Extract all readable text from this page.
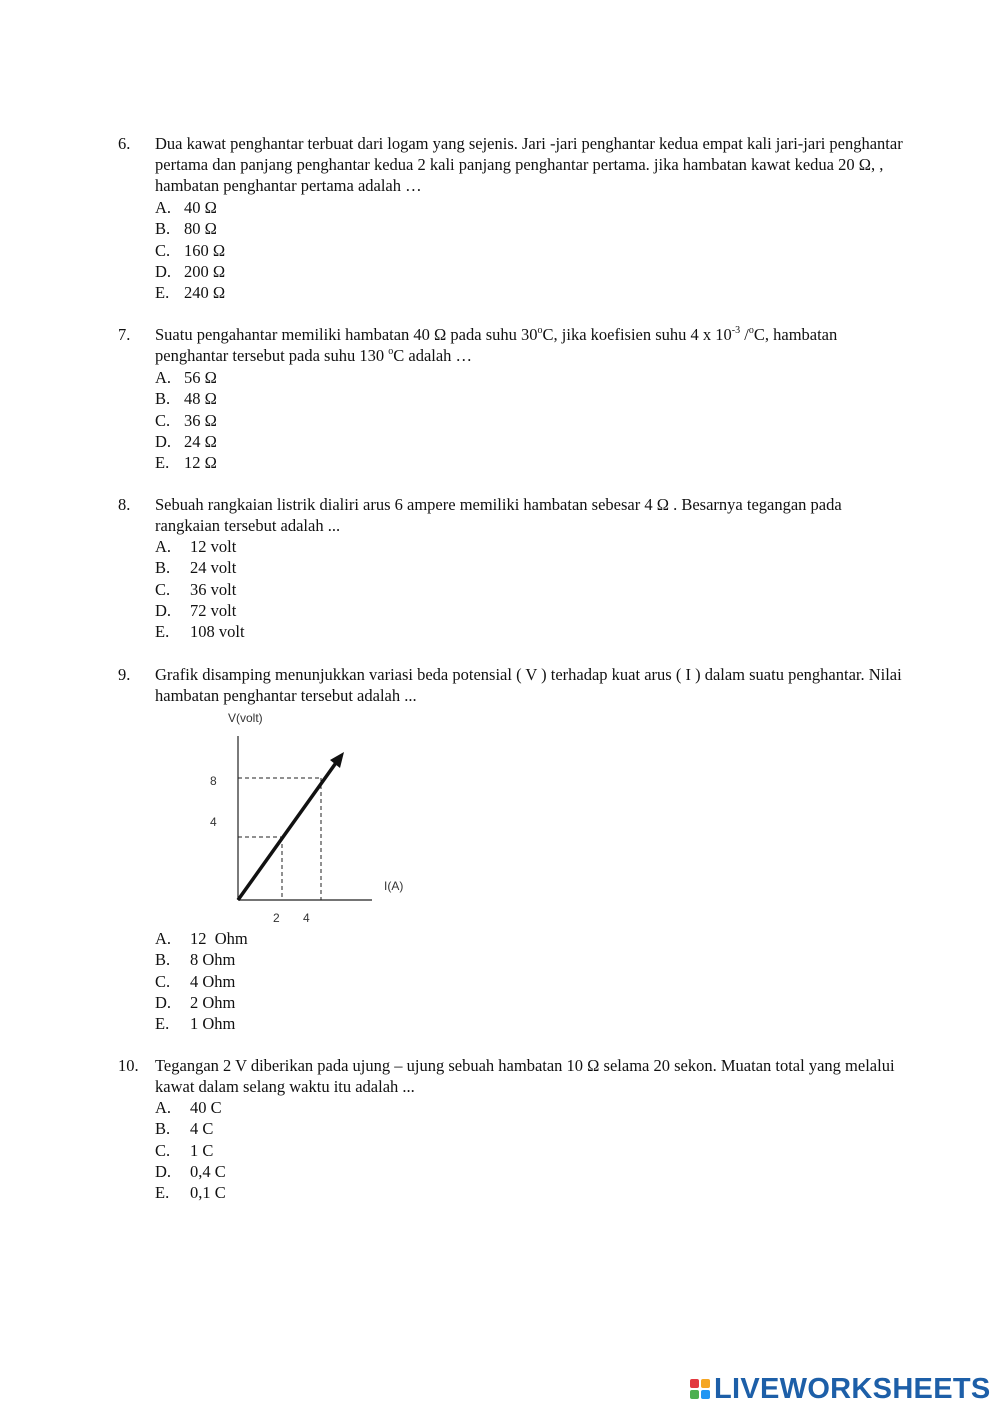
6. Dua kawat penghantar terbuat dari logam yang sejenis. Jari -jari penghantar kedua empat kali jari-jari penghantar pertama dan panjang penghantar kedua 2 kali panjang penghantar pertama. jika hambatan kawat kedua 20 Ω, , hambatan penghantar pertama adalah …
A. 40 Ω
B. 80 Ω
C. 160 Ω
D. 200 Ω
E. 240 Ω
7. Suatu pengahantar memiliki hambatan 40 Ω pada suhu 30$^o$C, jika koefisien suhu 4 x $10^{-3}$ /$^o$C, hambatan penghantar tersebut pada suhu 130 $^o$C adalah …
A. 56 Ω
B. 48 Ω
C. 36 Ω
D. 24 Ω
E. 12 Ω
8. Sebuah rangkaian listrik dialiri arus 6 ampere memiliki hambatan sebesar 4 Ω . Besarnya tegangan pada rangkaian tersebut adalah ...
A. 12 volt
B. 24 volt
C. 36 volt
D. 72 volt
E. 108 volt
9. Grafik disamping menunjukkan variasi beda potensial ( V ) terhadap kuat arus ( I ) dalam suatu penghantar. Nilai hambatan penghantar tersebut adalah ...
V(volt)
I(A)
8
4
2 4
A. 12  Ohm
B. 8 Ohm
C. 4 Ohm
D. 2 Ohm
E. 1 Ohm
10. Tegangan 2 V diberikan pada ujung – ujung sebuah hambatan 10 Ω selama 20 sekon. Muatan total yang melalui kawat dalam selang waktu itu adalah ...
A. 40 C
B. 4 C
C. 1 C
D. 0,4 C
E. 0,1 C
LIVEWORKSHEETS
